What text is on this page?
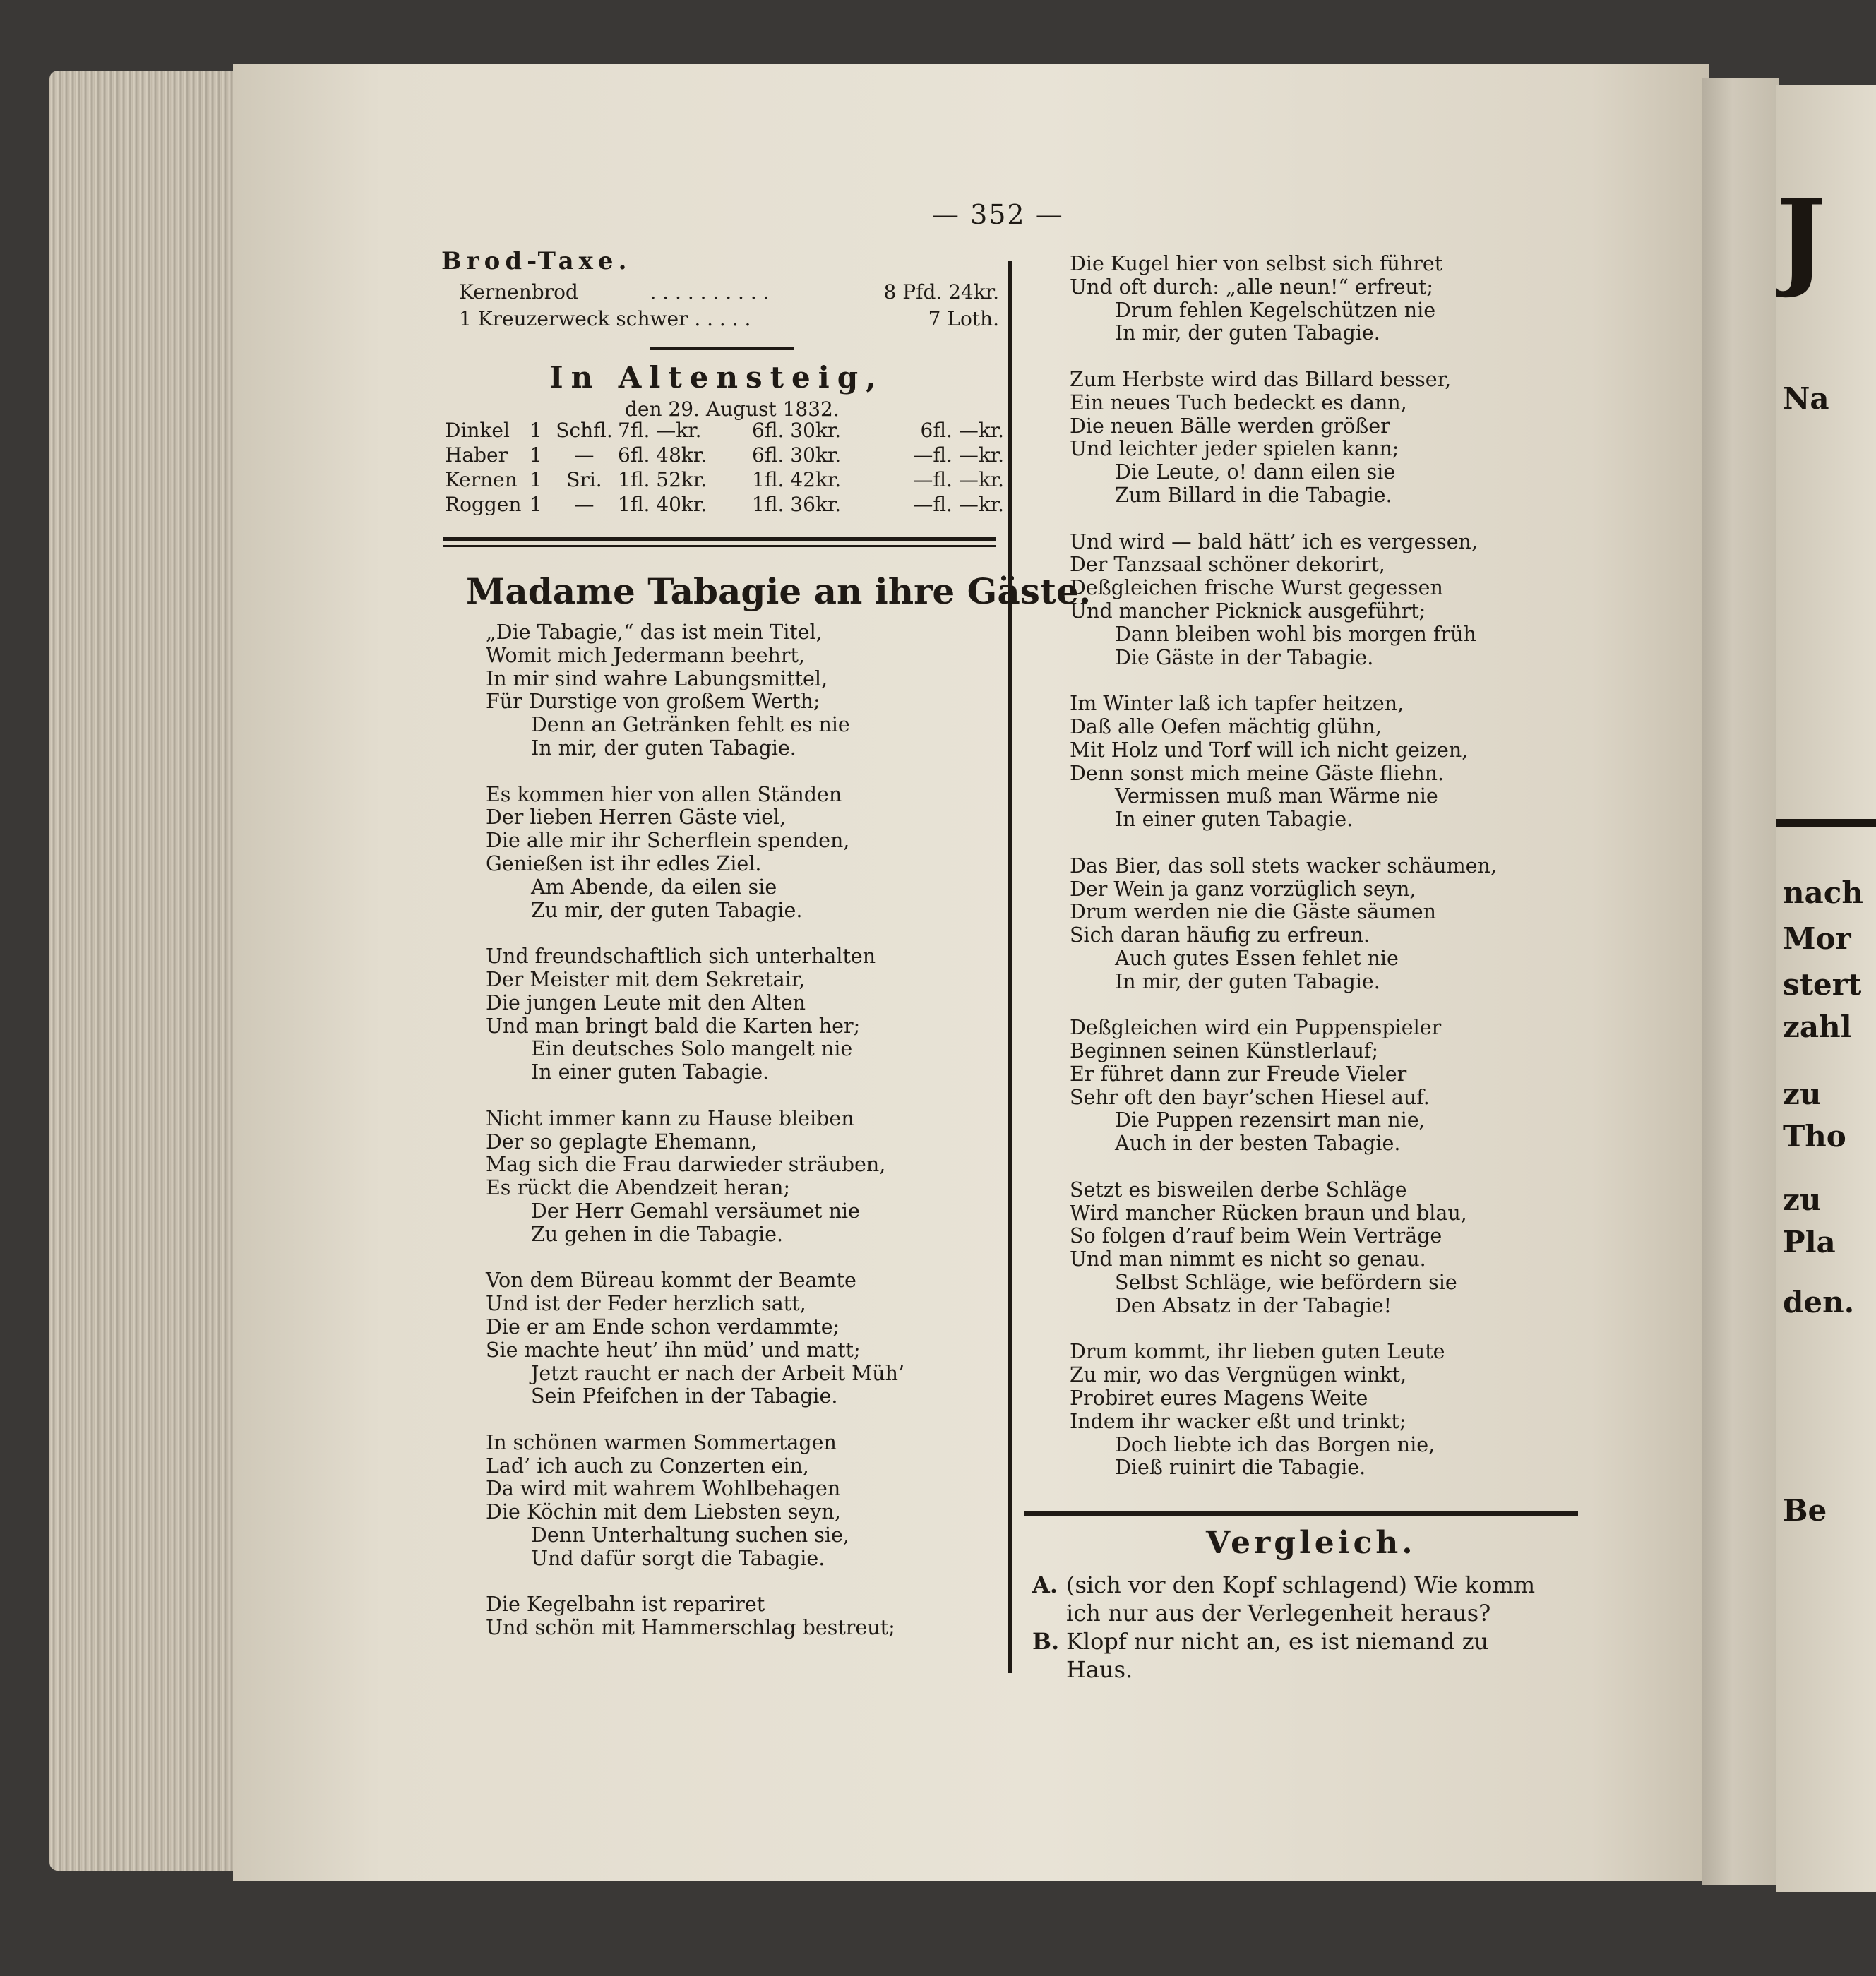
J
Na
nach
Mor
stert
zahl
zu
Tho
zu
Pla
den.
Be
— 352 —
Brod-Taxe.
Kernenbrod	. . . . . . . . . .	8 Pfd. 24kr.
1 Kreuzerweck schwer . . . . .		7 Loth.
In Altensteig,
den 29. August 1832.
Dinkel	1	Schfl.	7fl. —kr.	6fl. 30kr.	6fl. —kr.
Haber	1	—	6fl. 48kr.	6fl. 30kr.	—fl. —kr.
Kernen	1	Sri.	1fl. 52kr.	1fl. 42kr.	—fl. —kr.
Roggen	1	—	1fl. 40kr.	1fl. 36kr.	—fl. —kr.
Madame Tabagie an ihre Gäste.
„Die Tabagie,“ das ist mein Titel,
Womit mich Jedermann beehrt,
In mir sind wahre Labungsmittel,
Für Durstige von großem Werth;
Denn an Getränken fehlt es nie
In mir, der guten Tabagie.
Es kommen hier von allen Ständen
Der lieben Herren Gäste viel,
Die alle mir ihr Scherflein spenden,
Genießen ist ihr edles Ziel.
Am Abende, da eilen sie
Zu mir, der guten Tabagie.
Und freundschaftlich sich unterhalten
Der Meister mit dem Sekretair,
Die jungen Leute mit den Alten
Und man bringt bald die Karten her;
Ein deutsches Solo mangelt nie
In einer guten Tabagie.
Nicht immer kann zu Hause bleiben
Der so geplagte Ehemann,
Mag sich die Frau darwieder sträuben,
Es rückt die Abendzeit heran;
Der Herr Gemahl versäumet nie
Zu gehen in die Tabagie.
Von dem Büreau kommt der Beamte
Und ist der Feder herzlich satt,
Die er am Ende schon verdammte;
Sie machte heut’ ihn müd’ und matt;
Jetzt raucht er nach der Arbeit Müh’
Sein Pfeifchen in der Tabagie.
In schönen warmen Sommertagen
Lad’ ich auch zu Conzerten ein,
Da wird mit wahrem Wohlbehagen
Die Köchin mit dem Liebsten seyn,
Denn Unterhaltung suchen sie,
Und dafür sorgt die Tabagie.
Die Kegelbahn ist repariret
Und schön mit Hammerschlag bestreut;
Die Kugel hier von selbst sich führet
Und oft durch: „alle neun!“ erfreut;
Drum fehlen Kegelschützen nie
In mir, der guten Tabagie.
Zum Herbste wird das Billard besser,
Ein neues Tuch bedeckt es dann,
Die neuen Bälle werden größer
Und leichter jeder spielen kann;
Die Leute, o! dann eilen sie
Zum Billard in die Tabagie.
Und wird — bald hätt’ ich es vergessen,
Der Tanzsaal schöner dekorirt,
Deßgleichen frische Wurst gegessen
Und mancher Picknick ausgeführt;
Dann bleiben wohl bis morgen früh
Die Gäste in der Tabagie.
Im Winter laß ich tapfer heitzen,
Daß alle Oefen mächtig glühn,
Mit Holz und Torf will ich nicht geizen,
Denn sonst mich meine Gäste fliehn.
Vermissen muß man Wärme nie
In einer guten Tabagie.
Das Bier, das soll stets wacker schäumen,
Der Wein ja ganz vorzüglich seyn,
Drum werden nie die Gäste säumen
Sich daran häufig zu erfreun.
Auch gutes Essen fehlet nie
In mir, der guten Tabagie.
Deßgleichen wird ein Puppenspieler
Beginnen seinen Künstlerlauf;
Er führet dann zur Freude Vieler
Sehr oft den bayr’schen Hiesel auf.
Die Puppen rezensirt man nie,
Auch in der besten Tabagie.
Setzt es bisweilen derbe Schläge
Wird mancher Rücken braun und blau,
So folgen d’rauf beim Wein Verträge
Und man nimmt es nicht so genau.
Selbst Schläge, wie befördern sie
Den Absatz in der Tabagie!
Drum kommt, ihr lieben guten Leute
Zu mir, wo das Vergnügen winkt,
Probiret eures Magens Weite
Indem ihr wacker eßt und trinkt;
Doch liebte ich das Borgen nie,
Dieß ruinirt die Tabagie.
Vergleich.
A. (sich vor den Kopf schlagend) Wie komm
ich nur aus der Verlegenheit heraus?
B. Klopf nur nicht an, es ist niemand zu
Haus.
